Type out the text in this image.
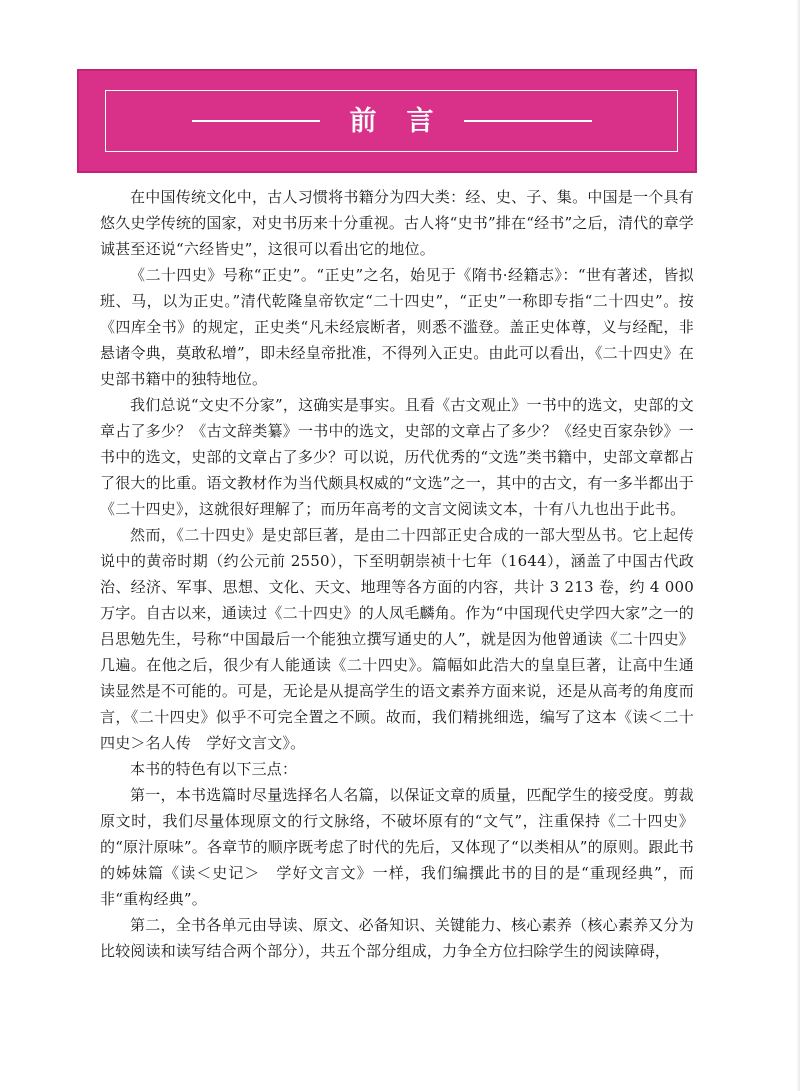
前言

在中国传统文化中，古人习惯将书籍分为四大类：经、史、子、集。中国是一个具有悠久史学传统的国家，对史书历来十分重视。古人将“史书”排在“经书”之后，清代的章学诚甚至还说“六经皆史”，这很可以看出它的地位。

《二十四史》号称“正史”。“正史”之名，始见于《隋书·经籍志》：“世有著述，皆拟班、马，以为正史。”清代乾隆皇帝钦定“二十四史”，“正史”一称即专指“二十四史”。按《四库全书》的规定，正史类“凡未经宸断者，则悉不滥登。盖正史体尊，义与经配，非悬诸令典，莫敢私增”，即未经皇帝批准，不得列入正史。由此可以看出，《二十四史》在史部书籍中的独特地位。

我们总说“文史不分家”，这确实是事实。且看《古文观止》一书中的选文，史部的文章占了多少？《古文辞类纂》一书中的选文，史部的文章占了多少？《经史百家杂钞》一书中的选文，史部的文章占了多少？可以说，历代优秀的“文选”类书籍中，史部文章都占了很大的比重。语文教材作为当代颇具权威的“文选”之一，其中的古文，有一多半都出于《二十四史》，这就很好理解了；而历年高考的文言文阅读文本，十有八九也出于此书。

然而，《二十四史》是史部巨著，是由二十四部正史合成的一部大型丛书。它上起传说中的黄帝时期（约公元前 2550），下至明朝崇祯十七年（1644），涵盖了中国古代政治、经济、军事、思想、文化、天文、地理等各方面的内容，共计 3 213 卷，约 4 000 万字。自古以来，通读过《二十四史》的人凤毛麟角。作为“中国现代史学四大家”之一的吕思勉先生，号称“中国最后一个能独立撰写通史的人”，就是因为他曾通读《二十四史》几遍。在他之后，很少有人能通读《二十四史》。篇幅如此浩大的皇皇巨著，让高中生通读显然是不可能的。可是，无论是从提高学生的语文素养方面来说，还是从高考的角度而言，《二十四史》似乎不可完全置之不顾。故而，我们精挑细选，编写了这本《读＜二十四史＞名人传　学好文言文》。

本书的特色有以下三点：

第一，本书选篇时尽量选择名人名篇，以保证文章的质量，匹配学生的接受度。剪裁原文时，我们尽量体现原文的行文脉络，不破坏原有的“文气”，注重保持《二十四史》的“原汁原味”。各章节的顺序既考虑了时代的先后，又体现了“以类相从”的原则。跟此书的姊妹篇《读＜史记＞　学好文言文》一样，我们编撰此书的目的是“重现经典”，而非“重构经典”。

第二，全书各单元由导读、原文、必备知识、关键能力、核心素养（核心素养又分为比较阅读和读写结合两个部分），共五个部分组成，力争全方位扫除学生的阅读障碍，
